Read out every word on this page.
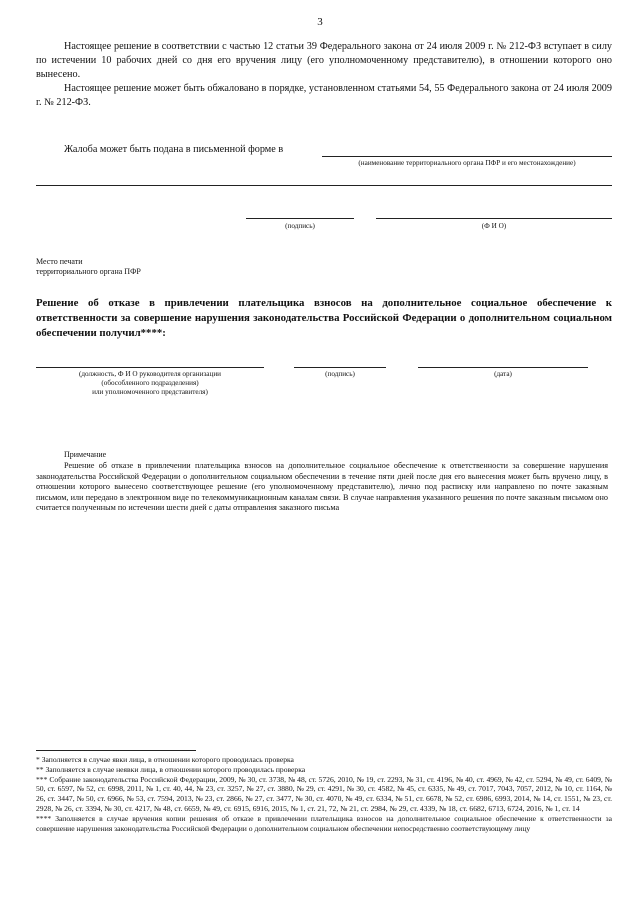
3
Настоящее решение в соответствии с частью 12 статьи 39 Федерального закона от 24 июля 2009 г. № 212-ФЗ вступает в силу по истечении 10 рабочих дней со дня его вручения лицу (его уполномоченному представителю), в отношении которого оно вынесено.
Настоящее решение может быть обжаловано в порядке, установленном статьями 54, 55 Федерального закона от 24 июля 2009 г. № 212-ФЗ.
Жалоба может быть подана в письменной форме в
(наименование территориального органа ПФР и его местонахождение)
(подпись)	(Ф И О)
Место печати
территориального органа ПФР
Решение об отказе в привлечении плательщика взносов на дополнительное социальное обеспечение к ответственности за совершение нарушения законодательства Российской Федерации о дополнительном социальном обеспечении получил****:
(должность, Ф И О руководителя организации
(обособленного подразделения)
или уполномоченного представителя)
(подпись)	(дата)
Примечание
Решение об отказе в привлечении плательщика взносов на дополнительное социальное обеспечение к ответственности за совершение нарушения законодательства Российской Федерации о дополнительном социальном обеспечении в течение пяти дней после дня его вынесения может быть вручено лицу, в отношении которого вынесено соответствующее решение (его уполномоченному представителю), лично под расписку или направлено по почте заказным письмом, или передано в электронном виде по телекоммуникационным каналам связи. В случае направления указанного решения по почте заказным письмом оно считается полученным по истечении шести дней с даты отправления заказного письма

* Заполняется в случае явки лица, в отношении которого проводилась проверка

** Заполняется в случае неявки лица, в отношении которого проводилась проверка

*** Собрание законодательства Российской Федерации, 2009, № 30, ст. 3738, № 48, ст. 5726, 2010, № 19, ст. 2293, № 31, ст. 4196, № 40, ст. 4969, № 42, ст. 5294, № 49, ст. 6409, № 50, ст. 6597, № 52, ст. 6998, 2011, № 1, ст. 40, 44, № 23, ст. 3257, № 27, ст. 3880, № 29, ст. 4291, № 30, ст. 4582, № 45, ст. 6335, № 49, ст. 7017, 7043, 7057, 2012, № 10, ст. 1164, № 26, ст. 3447, № 50, ст. 6966, № 53, ст. 7594, 2013, № 23, ст. 2866, № 27, ст. 3477, № 30, ст. 4070, № 49, ст. 6334, № 51, ст. 6678, № 52, ст. 6986, 6993, 2014, № 14, ст. 1551, № 23, ст. 2928, № 26, ст. 3394, № 30, ст. 4217, № 48, ст. 6659, № 49, ст. 6915, 6916, 2015, № 1, ст. 21, 72, № 21, ст. 2984, № 29, ст. 4339, № 18, ст. 6682, 6713, 6724, 2016, № 1, ст. 14

**** Заполняется в случае вручения копии решения об отказе в привлечении плательщика взносов на дополнительное социальное обеспечение к ответственности за совершение нарушения законодательства Российской Федерации о дополнительном социальном обеспечении непосредственно соответствующему лицу
